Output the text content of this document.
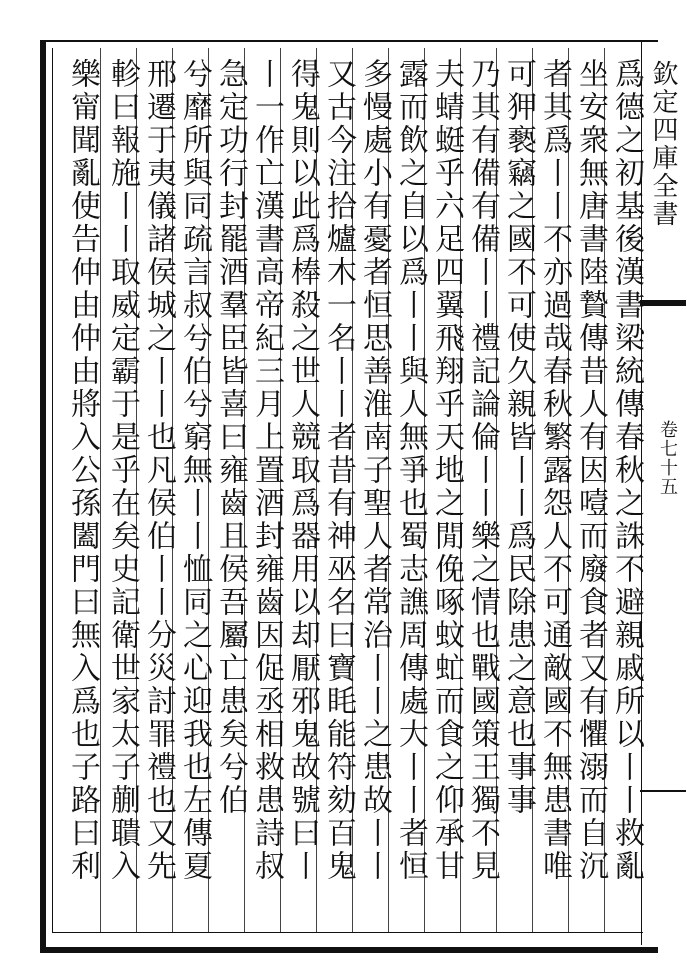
欽定四庫全書
卷七十五
爲德之初基後漢書梁統傳春秋之誅不避親戚所以丨丨救亂
坐安衆無唐書陸贄傳昔人有因噎而廢食者又有懼溺而自沉
者其爲丨丨不亦過哉春秋繁露怨人不可通敵國不無患書唯
可狎褻竊之國不可使久親皆丨丨爲民除患之意也事事
乃其有備有備丨丨禮記論倫丨丨樂之情也戰國策王獨不見
夫蜻蜓乎六足四翼飛翔乎天地之閒俛啄蚊虻而食之仰承甘
露而飲之自以爲丨丨與人無爭也蜀志譙周傳處大丨丨者恒
多慢處小有憂者恒思善淮南子聖人者常治丨丨之患故丨丨
又古今注拾爐木一名丨丨者昔有神巫名曰寶眊能符劾百鬼
得鬼則以此爲棒殺之世人競取爲器用以却厭邪鬼故號曰丨
丨一作亡漢書高帝紀三月上置酒封雍齒因促丞相救患詩叔
急定功行封罷酒羣臣皆喜曰雍齒且侯吾屬亡患矣兮伯
兮靡所與同疏言叔兮伯兮窮無丨丨恤同之心迎我也左傳夏
邢遷于夷儀諸侯城之丨丨也凡侯伯丨丨分災討罪禮也又先
軫曰報施丨丨取威定霸于是乎在矣史記衛世家太子蒯聵入
樂甯聞亂使告仲由仲由將入公孫闔門曰無入爲也子路曰利
